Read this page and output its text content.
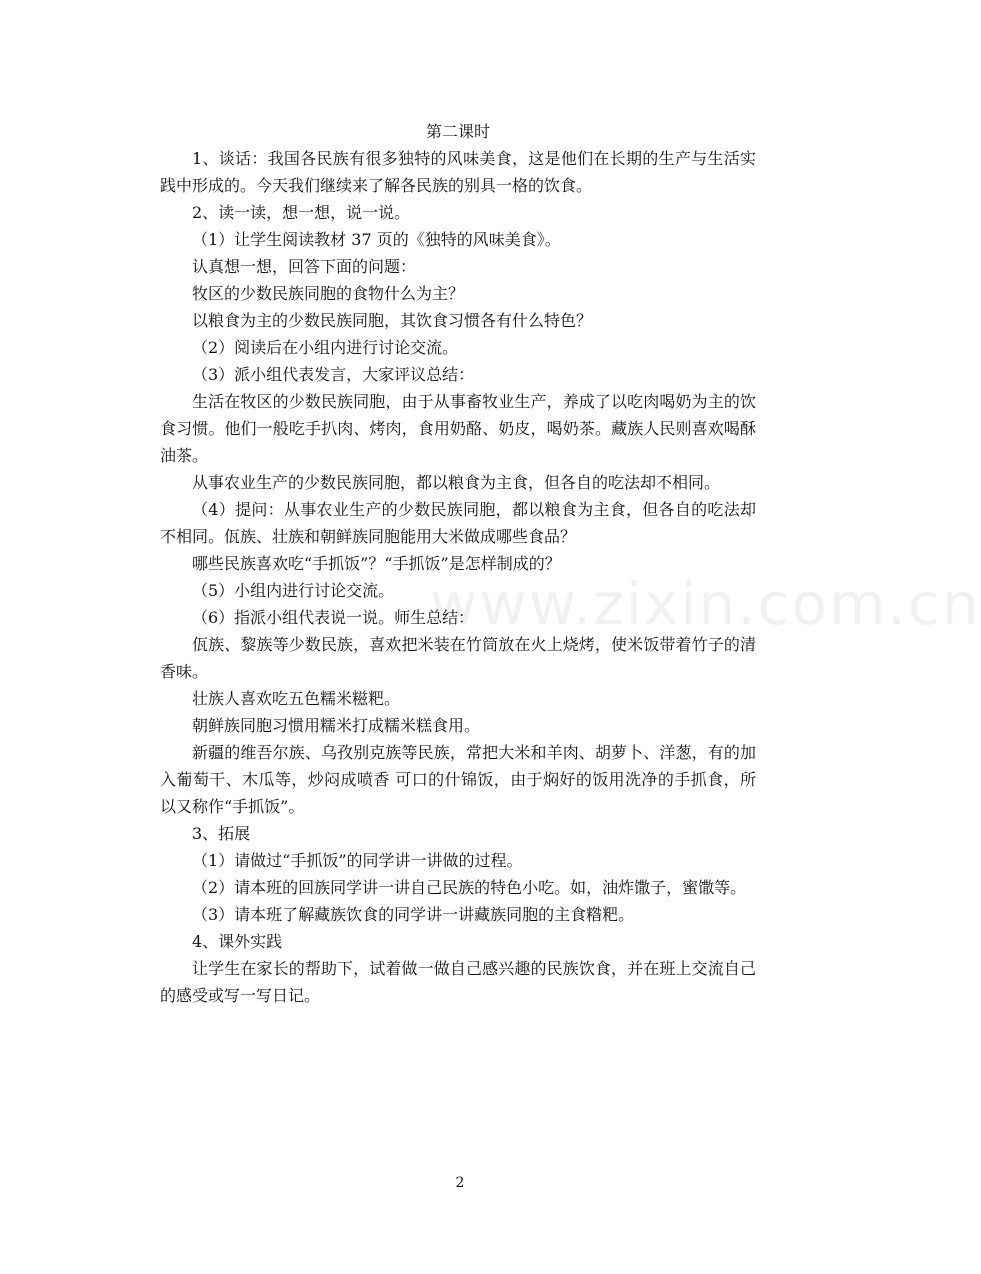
www.zixin.com.cn
第二课时

1、谈话：我国各民族有很多独特的风味美食，这是他们在长期的生产与生活实践中形成的。今天我们继续来了解各民族的别具一格的饮食。

2、读一读，想一想，说一说。

（1）让学生阅读教材 37 页的《独特的风味美食》。

认真想一想，回答下面的问题：

牧区的少数民族同胞的食物什么为主？

以粮食为主的少数民族同胞，其饮食习惯各有什么特色？

（2）阅读后在小组内进行讨论交流。

（3）派小组代表发言，大家评议总结：

生活在牧区的少数民族同胞，由于从事畜牧业生产，养成了以吃肉喝奶为主的饮食习惯。他们一般吃手扒肉、烤肉，食用奶酪、奶皮，喝奶茶。藏族人民则喜欢喝酥油茶。

从事农业生产的少数民族同胞，都以粮食为主食，但各自的吃法却不相同。

（4）提问：从事农业生产的少数民族同胞，都以粮食为主食，但各自的吃法却不相同。佤族、壮族和朝鲜族同胞能用大米做成哪些食品？

哪些民族喜欢吃“手抓饭”？“手抓饭”是怎样制成的？

（5）小组内进行讨论交流。

（6）指派小组代表说一说。师生总结：

佤族、黎族等少数民族，喜欢把米装在竹筒放在火上烧烤，使米饭带着竹子的清香味。

壮族人喜欢吃五色糯米糍粑。

朝鲜族同胞习惯用糯米打成糯米糕食用。

新疆的维吾尔族、乌孜别克族等民族，常把大米和羊肉、胡萝卜、洋葱，有的加入葡萄干、木瓜等，炒闷成喷香 可口的什锦饭，由于焖好的饭用洗净的手抓食，所以又称作“手抓饭”。

3、拓展

（1）请做过“手抓饭”的同学讲一讲做的过程。

（2）请本班的回族同学讲一讲自己民族的特色小吃。如，油炸馓子，蜜馓等。

（3）请本班了解藏族饮食的同学讲一讲藏族同胞的主食糌粑。

4、课外实践

让学生在家长的帮助下，试着做一做自己感兴趣的民族饮食，并在班上交流自己的感受或写一写日记。

2
